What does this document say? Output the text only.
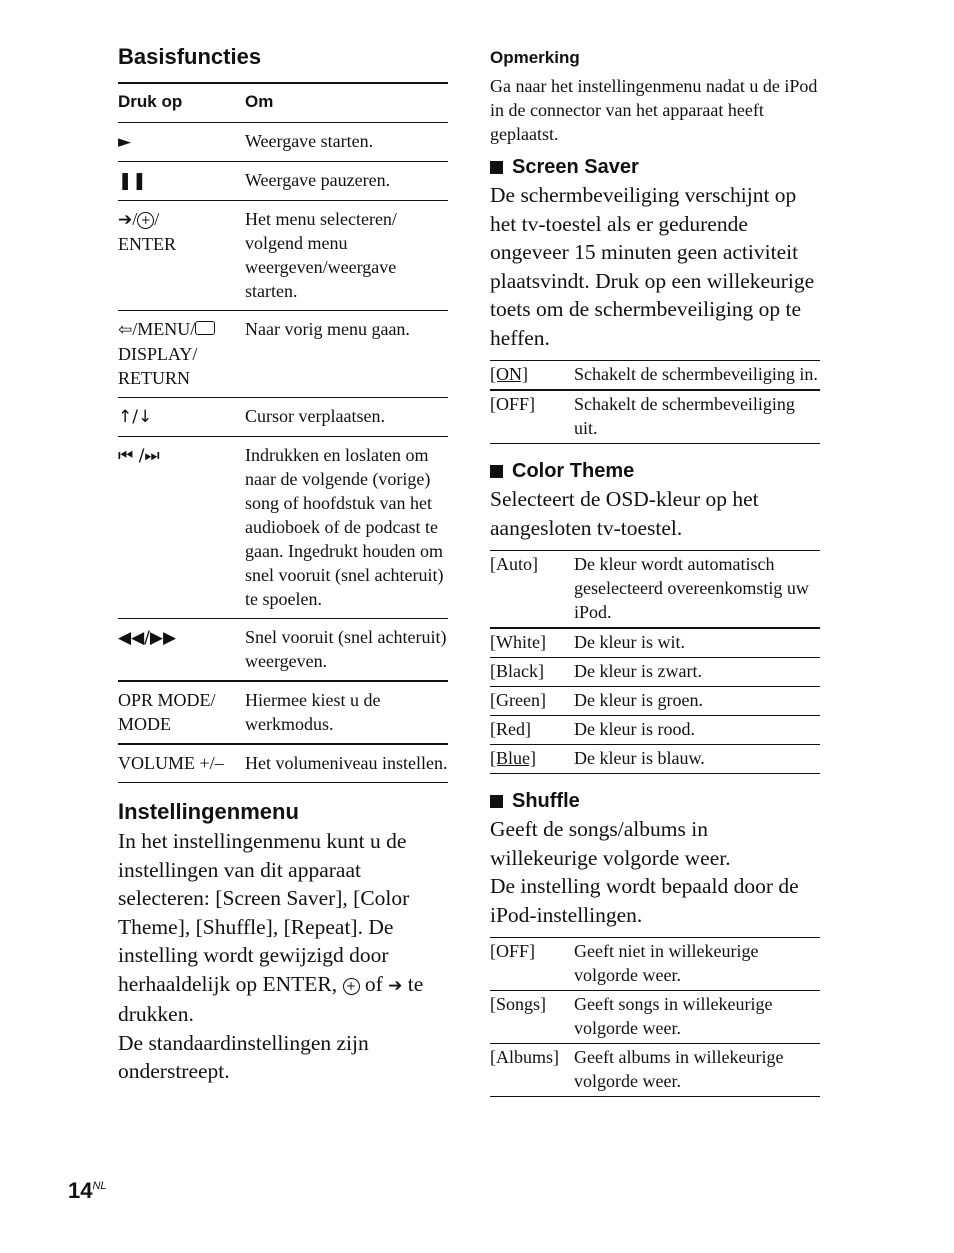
Basisfuncties
Druk op	Om
►	Weergave starten.
❚❚	Weergave pauzeren.
➔/ + /
ENTER	Het menu selecteren/ volgend menu weergeven/weergave starten.
⇦/MENU/
DISPLAY/ RETURN	Naar vorig menu gaan.
↑/↓	Cursor verplaatsen.
⏮ /⏭	Indrukken en loslaten om naar de volgende (vorige) song of hoofdstuk van het audioboek of de podcast te gaan. Ingedrukt houden om snel vooruit (snel achteruit) te spoelen.
◀◀/▶▶	Snel vooruit (snel achteruit) weergeven.
OPR MODE/ MODE	Hiermee kiest u de werkmodus.
VOLUME +/–	Het volumeniveau instellen.
Instellingenmenu
In het instellingenmenu kunt u de instellingen van dit apparaat selecteren: [Screen Saver], [Color Theme], [Shuffle], [Repeat]. De instelling wordt gewijzigd door herhaaldelijk op ENTER, + of ➔ te drukken.
De standaardinstellingen zijn onderstreept.
Opmerking
Ga naar het instellingenmenu nadat u de iPod in de connector van het apparaat heeft geplaatst.
Screen Saver
De schermbeveiliging verschijnt op het tv-toestel als er gedurende ongeveer 15 minuten geen activiteit plaatsvindt. Druk op een willekeurige toets om de schermbeveiliging op te heffen.
[ON]	Schakelt de schermbeveiliging in.
[OFF]	Schakelt de schermbeveiliging uit.
Color Theme
Selecteert de OSD-kleur op het aangesloten tv-toestel.
[Auto]	De kleur wordt automatisch geselecteerd overeenkomstig uw iPod.
[White]	De kleur is wit.
[Black]	De kleur is zwart.
[Green]	De kleur is groen.
[Red]	De kleur is rood.
[Blue]	De kleur is blauw.
Shuffle
Geeft de songs/albums in willekeurige volgorde weer.
De instelling wordt bepaald door de iPod-instellingen.
[OFF]	Geeft niet in willekeurige volgorde weer.
[Songs]	Geeft songs in willekeurige volgorde weer.
[Albums]	Geeft albums in willekeurige volgorde weer.
$14^{NL}$
